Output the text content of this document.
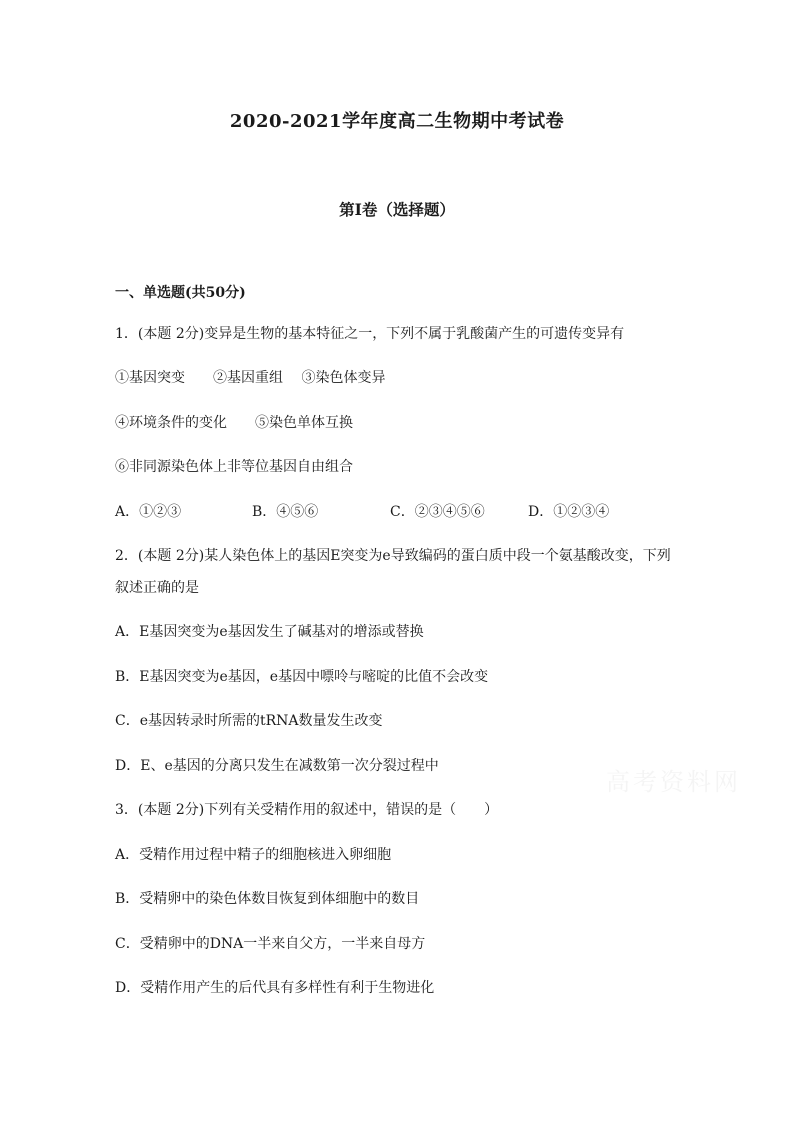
2020-2021学年度高二生物期中考试卷
第I卷（选择题）
一、单选题(共50分)
1．(本题 2分)变异是生物的基本特征之一，下列不属于乳酸菌产生的可遗传变异有
①基因突变　　②基因重组　 ③染色体变异
④环境条件的变化　　⑤染色单体互换
⑥非同源染色体上非等位基因自由组合
A．①②③	B．④⑤⑥	C．②③④⑤⑥	D．①②③④
2．(本题 2分)某人染色体上的基因E突变为e导致编码的蛋白质中段一个氨基酸改变，下列
叙述正确的是
A．E基因突变为e基因发生了碱基对的增添或替换
B．E基因突变为e基因，e基因中嘌呤与嘧啶的比值不会改变
C．e基因转录时所需的tRNA数量发生改变
D．E、e基因的分离只发生在减数第一次分裂过程中
3．(本题 2分)下列有关受精作用的叙述中，错误的是（　　）
A．受精作用过程中精子的细胞核进入卵细胞
B．受精卵中的染色体数目恢复到体细胞中的数目
C．受精卵中的DNA一半来自父方，一半来自母方
D．受精作用产生的后代具有多样性有利于生物进化
高考资料网
